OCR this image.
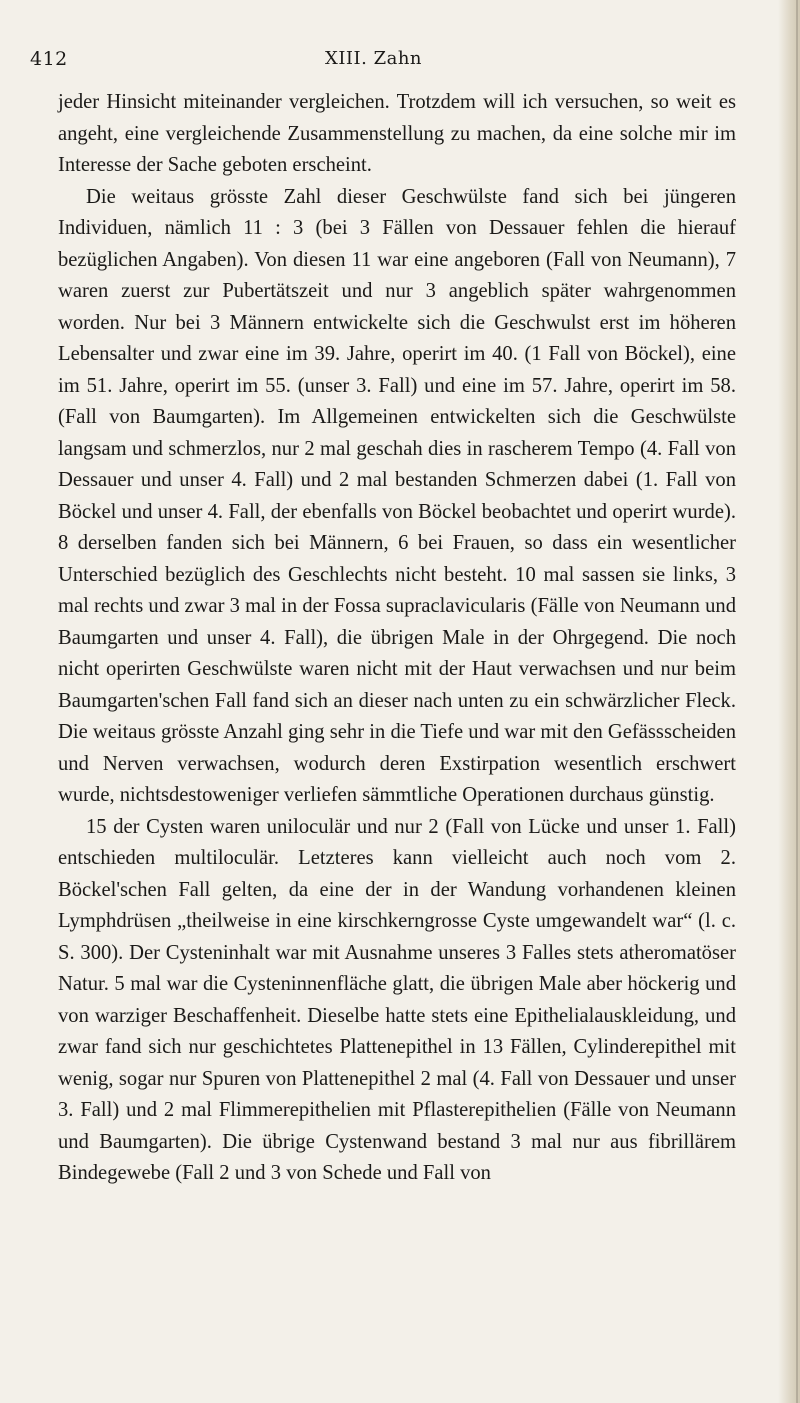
412	XIII. Zahn

jeder Hinsicht miteinander vergleichen. Trotzdem will ich versuchen, so weit es angeht, eine vergleichende Zusammenstellung zu machen, da eine solche mir im Interesse der Sache geboten erscheint.

Die weitaus grösste Zahl dieser Geschwülste fand sich bei jüngeren Individuen, nämlich 11 : 3 (bei 3 Fällen von Dessauer fehlen die hierauf bezüglichen Angaben). Von diesen 11 war eine angeboren (Fall von Neumann), 7 waren zuerst zur Pubertätszeit und nur 3 angeblich später wahrgenommen worden. Nur bei 3 Männern entwickelte sich die Geschwulst erst im höheren Lebensalter und zwar eine im 39. Jahre, operirt im 40. (1 Fall von Böckel), eine im 51. Jahre, operirt im 55. (unser 3. Fall) und eine im 57. Jahre, operirt im 58. (Fall von Baumgarten). Im Allgemeinen entwickelten sich die Geschwülste langsam und schmerzlos, nur 2 mal geschah dies in rascherem Tempo (4. Fall von Dessauer und unser 4. Fall) und 2 mal bestanden Schmerzen dabei (1. Fall von Böckel und unser 4. Fall, der ebenfalls von Böckel beobachtet und operirt wurde). 8 derselben fanden sich bei Männern, 6 bei Frauen, so dass ein wesentlicher Unterschied bezüglich des Geschlechts nicht besteht. 10 mal sassen sie links, 3 mal rechts und zwar 3 mal in der Fossa supraclavicularis (Fälle von Neumann und Baumgarten und unser 4. Fall), die übrigen Male in der Ohrgegend. Die noch nicht operirten Geschwülste waren nicht mit der Haut verwachsen und nur beim Baumgarten'schen Fall fand sich an dieser nach unten zu ein schwärzlicher Fleck. Die weitaus grösste Anzahl ging sehr in die Tiefe und war mit den Gefässscheiden und Nerven verwachsen, wodurch deren Exstirpation wesentlich erschwert wurde, nichtsdestoweniger verliefen sämmtliche Operationen durchaus günstig.

15 der Cysten waren uniloculär und nur 2 (Fall von Lücke und unser 1. Fall) entschieden multiloculär. Letzteres kann vielleicht auch noch vom 2. Böckel'schen Fall gelten, da eine der in der Wandung vorhandenen kleinen Lymphdrüsen „theilweise in eine kirschkerngrosse Cyste umgewandelt war“ (l. c. S. 300). Der Cysteninhalt war mit Ausnahme unseres 3 Falles stets atheromatöser Natur. 5 mal war die Cysteninnenfläche glatt, die übrigen Male aber höckerig und von warziger Beschaffenheit. Dieselbe hatte stets eine Epithelialauskleidung, und zwar fand sich nur geschichtetes Plattenepithel in 13 Fällen, Cylinderepithel mit wenig, sogar nur Spuren von Plattenepithel 2 mal (4. Fall von Dessauer und unser 3. Fall) und 2 mal Flimmerepithelien mit Pflasterepithelien (Fälle von Neumann und Baumgarten). Die übrige Cystenwand bestand 3 mal nur aus fibrillärem Bindegewebe (Fall 2 und 3 von Schede und Fall von
